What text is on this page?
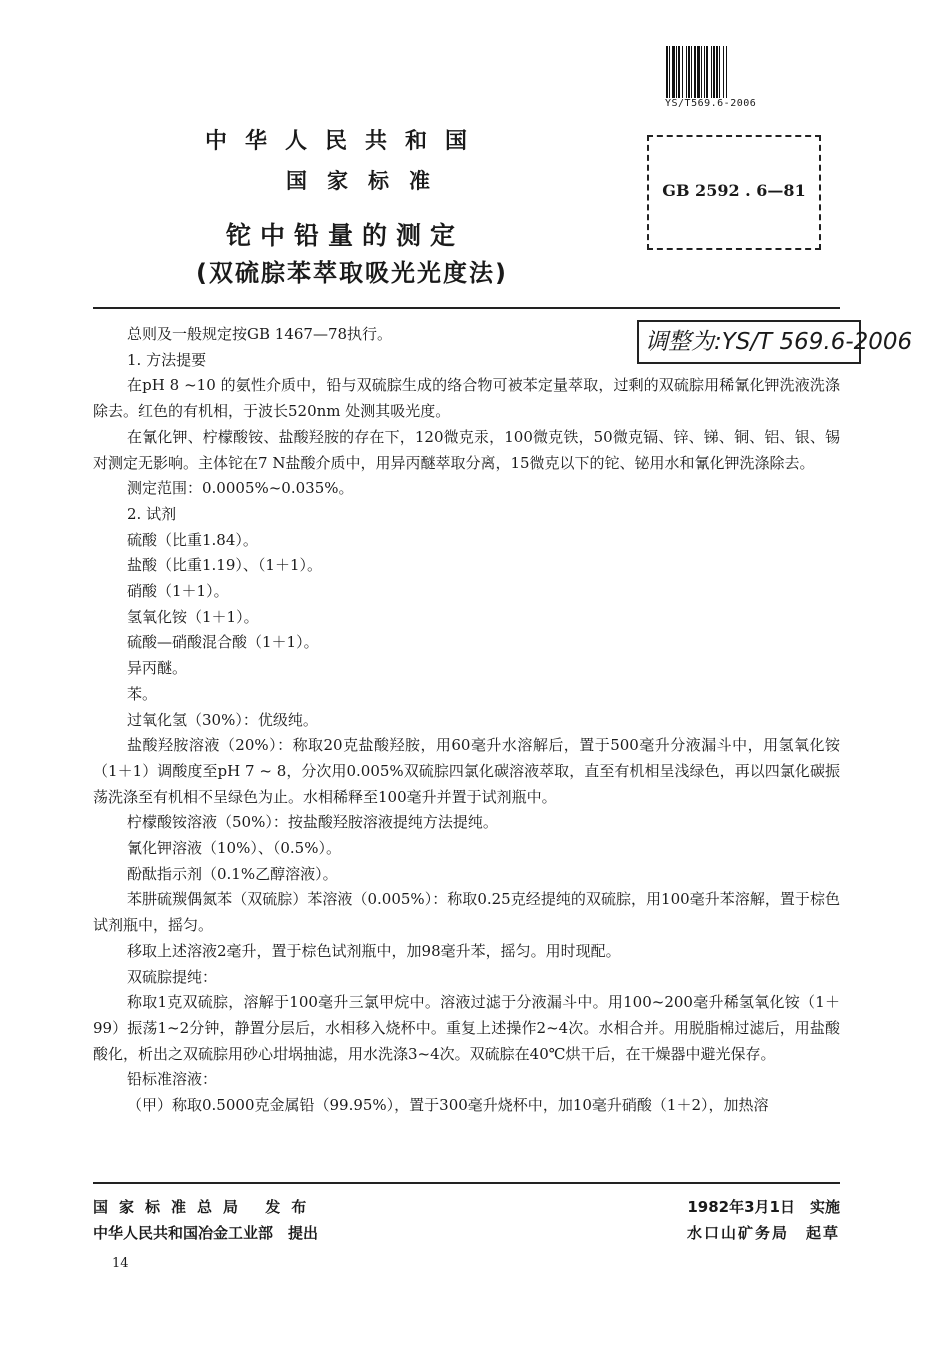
YS/T569.6-2006
GB 2592 . 6—81
中华人民共和国
国家标准
铊中铅量的测定
(双硫腙苯萃取吸光光度法)

总则及一般规定按GB 1467—78执行。

1. 方法提要

在pH 8 ~10 的氨性介质中，铅与双硫腙生成的络合物可被苯定量萃取，过剩的双硫腙用稀氰化钾洗液洗涤除去。红色的有机相，于波长520nm 处测其吸光度。

在氰化钾、柠檬酸铵、盐酸羟胺的存在下，120微克汞，100微克铁，50微克镉、锌、锑、铜、铝、银、锡对测定无影响。主体铊在7 N盐酸介质中，用异丙醚萃取分离，15微克以下的铊、铋用水和氰化钾洗涤除去。

测定范围：0.0005%~0.035%。

2. 试剂

硫酸（比重1.84）。

盐酸（比重1.19）、（1＋1）。

硝酸（1＋1）。

氢氧化铵（1＋1）。

硫酸—硝酸混合酸（1＋1）。

异丙醚。

苯。

过氧化氢（30%）：优级纯。

盐酸羟胺溶液（20%）：称取20克盐酸羟胺，用60毫升水溶解后，置于500毫升分液漏斗中，用氢氧化铵（1＋1）调酸度至pH 7 ~ 8，分次用0.005%双硫腙四氯化碳溶液萃取，直至有机相呈浅绿色，再以四氯化碳振荡洗涤至有机相不呈绿色为止。水相稀释至100毫升并置于试剂瓶中。

柠檬酸铵溶液（50%）：按盐酸羟胺溶液提纯方法提纯。

氰化钾溶液（10%）、（0.5%）。

酚酞指示剂（0.1%乙醇溶液）。

苯肼硫羰偶氮苯（双硫腙）苯溶液（0.005%）：称取0.25克经提纯的双硫腙，用100毫升苯溶解，置于棕色试剂瓶中，摇匀。

移取上述溶液2毫升，置于棕色试剂瓶中，加98毫升苯，摇匀。用时现配。

双硫腙提纯：

称取1克双硫腙，溶解于100毫升三氯甲烷中。溶液过滤于分液漏斗中。用100~200毫升稀氢氧化铵（1＋99）振荡1~2分钟，静置分层后，水相移入烧杯中。重复上述操作2~4次。水相合并。用脱脂棉过滤后，用盐酸酸化，析出之双硫腙用砂心坩埚抽滤，用水洗涤3~4次。双硫腙在40℃烘干后，在干燥器中避光保存。

铅标准溶液：

（甲）称取0.5000克金属铅（99.95%），置于300毫升烧杯中，加10毫升硝酸（1＋2），加热溶

调整为:YS/T 569.6-2006
国家标准总局 发布
中华人民共和国冶金工业部　提出
1982年3月1日　实施
水口山矿务局　起草
14
